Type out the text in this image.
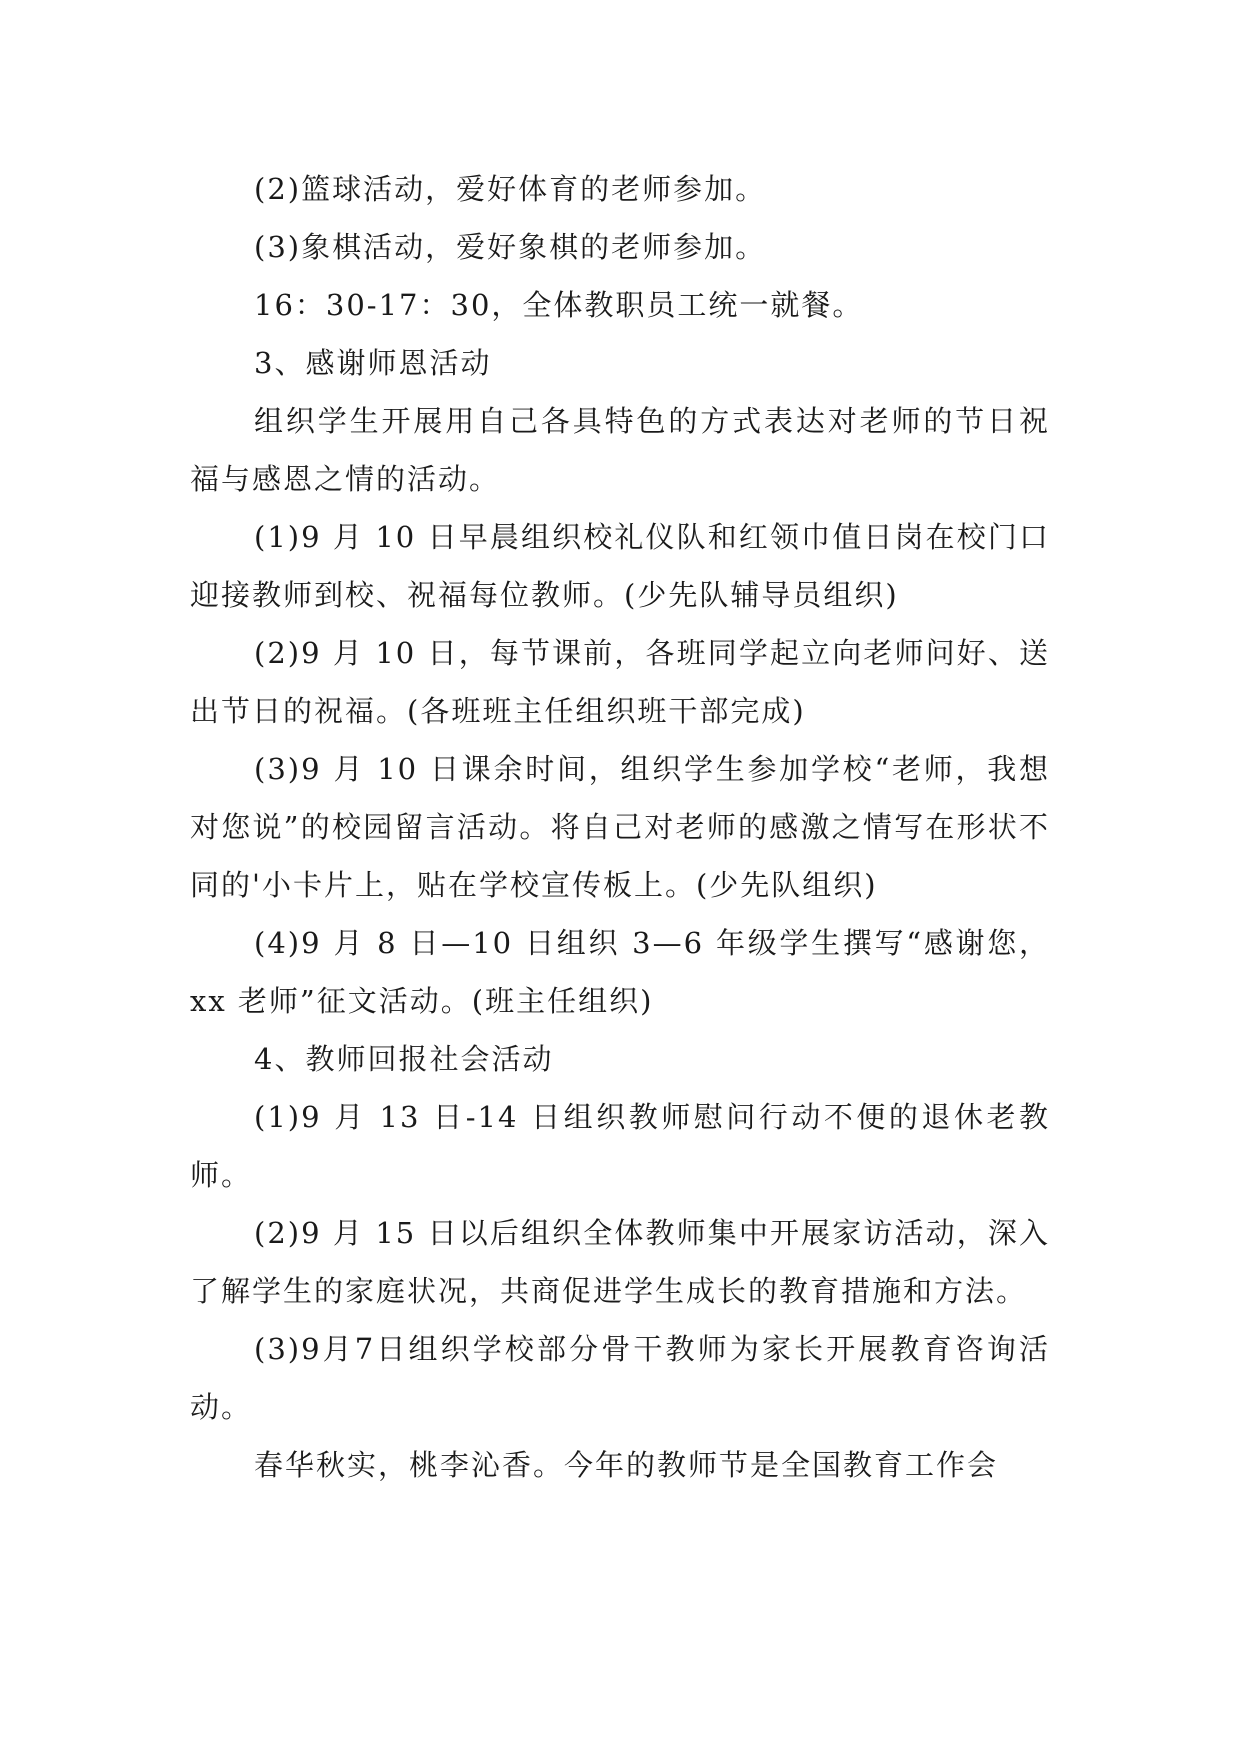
(2)篮球活动，爱好体育的老师参加。

(3)象棋活动，爱好象棋的老师参加。

16：30-17：30，全体教职员工统一就餐。

3、感谢师恩活动

组织学生开展用自己各具特色的方式表达对老师的节日祝福与感恩之情的活动。

(1)9 月 10 日早晨组织校礼仪队和红领巾值日岗在校门口迎接教师到校、祝福每位教师。(少先队辅导员组织)

(2)9 月 10 日，每节课前，各班同学起立向老师问好、送出节日的祝福。(各班班主任组织班干部完成)

(3)9 月 10 日课余时间，组织学生参加学校“老师，我想对您说”的校园留言活动。将自己对老师的感激之情写在形状不同的'小卡片上，贴在学校宣传板上。(少先队组织)

(4)9 月 8 日—10 日组织 3—6 年级学生撰写“感谢您，xx 老师”征文活动。(班主任组织)

4、教师回报社会活动

(1)9 月 13 日-14 日组织教师慰问行动不便的退休老教师。

(2)9 月 15 日以后组织全体教师集中开展家访活动，深入了解学生的家庭状况，共商促进学生成长的教育措施和方法。

(3)9月7日组织学校部分骨干教师为家长开展教育咨询活动。

春华秋实，桃李沁香。今年的教师节是全国教育工作会
